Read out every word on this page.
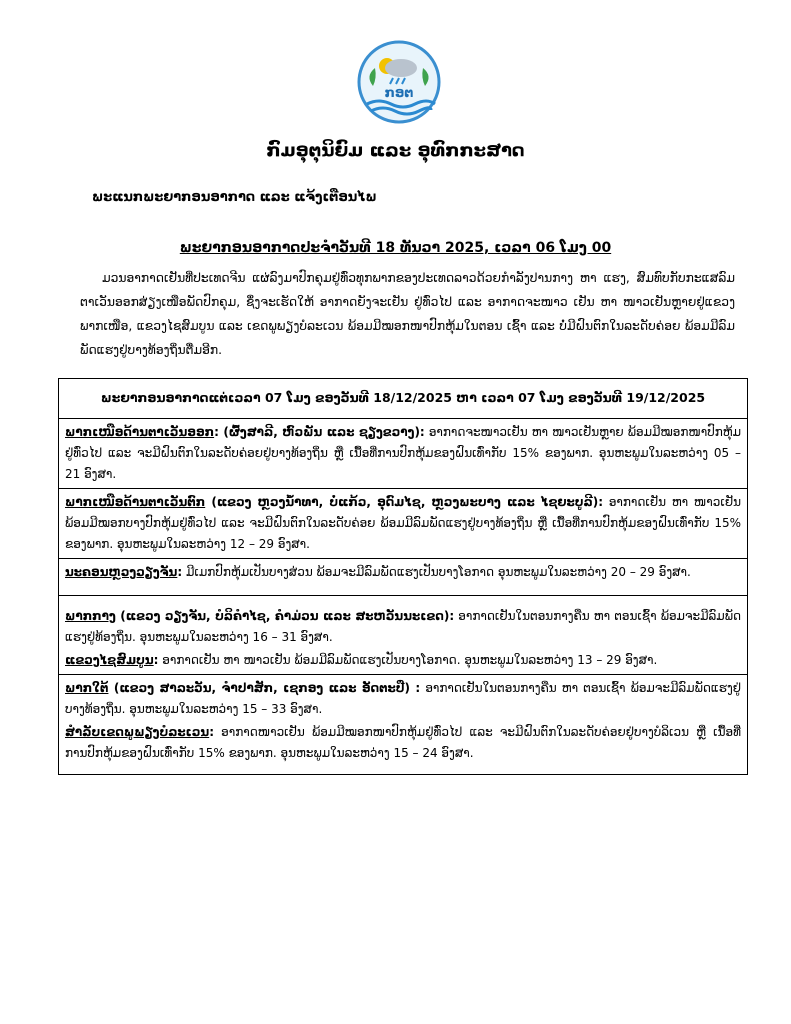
ກອຕ
ກົມອຸຕຸນິຍົມ ແລະ ອຸທົກກະສາດ
ພະແນກພະຍາກອນອາກາດ ແລະ ແຈ້ງເຕືອນໄພ
ພະຍາກອນອາກາດປະຈຳວັນທີ 18 ທັນວາ 2025, ເວລາ 06 ໂມງ 00
ມວນອາກາດເຢັນທີ່ປະເທດຈີນ ແຜ່ລົງມາປົກຄຸມຢູ່ທົ່ວທຸກພາກຂອງປະເທດລາວດ້ວຍກຳລັງປານກາງ ຫາ ແຮງ, ສົມທົບກັບກະແສລົມຕາເວັນອອກສ່ຽງເໜືອພັດປົກຄຸມ, ຊຶ່ງຈະເຮັດໃຫ້ ອາກາດຍັງຈະເຢັນ ຢູ່ທົ່ວໄປ ແລະ ອາກາດຈະໜາວ ເຢັນ ຫາ ໜາວເຢັນຫຼາຍຢູ່ແຂວງພາກເໜືອ, ແຂວງໄຊສົມບູນ ແລະ ເຂດພູພຽງບໍລະເວນ ພ້ອມມີໝອກໜາປົກຫຸ້ມໃນຕອນ ເຊົ້າ ແລະ ບໍ່ມີຝົນຕົກໃນລະດັບຄ່ອຍ ພ້ອມມີລົມພັດແຮງຢູ່ບາງທ້ອງຖິ່ນຕື່ມອີກ.
ພະຍາກອນອາກາດແຕ່ເວລາ 07 ໂມງ ຂອງວັນທີ 18/12/2025 ຫາ ເວລາ 07 ໂມງ ຂອງວັນທີ 19/12/2025
ພາກເໜືອດ້ານຕາເວັນອອກ: (ຜົ້ງສາລີ, ຫົວພັນ ແລະ ຊຽງຂວາງ): ອາກາດຈະໜາວເຢັນ ຫາ ໜາວເຢັນຫຼາຍ ພ້ອມມີໝອກໜາປົກຫຸ້ມຢູ່ທົ່ວໄປ ແລະ ຈະມີຝົນຕົກໃນລະດັບຄ່ອຍຢູ່ບາງທ້ອງຖິ່ນ ຫຼື ເນື້ອທີ່ການປົກຫຸ້ມຂອງຝົນເທົ່າກັບ 15% ຂອງພາກ. ອຸນຫະພູມໃນລະຫວ່າງ 05 – 21 ອົງສາ.
ພາກເໜືອດ້ານຕາເວັນຕົກ (ແຂວງ ຫຼວງນ້ຳທາ, ບໍ່ແກ້ວ, ອຸດົມໄຊ, ຫຼວງພະບາງ ແລະ ໄຊຍະບູລີ): ອາກາດເຢັນ ຫາ ໜາວເຢັນ ພ້ອມມີໝອກບາງປົກຫຸ້ມຢູ່ທົ່ວໄປ ແລະ ຈະມີຝົນຕົກໃນລະດັບຄ່ອຍ ພ້ອມມີລົມພັດແຮງຢູ່ບາງທ້ອງຖິ່ນ ຫຼື ເນື້ອທີ່ການປົກຫຸ້ມຂອງຝົນເທົ່າກັບ 15% ຂອງພາກ. ອຸນຫະພູມໃນລະຫວ່າງ 12 – 29 ອົງສາ.
ນະຄອນຫຼວງວຽງຈັນ: ມີເມກປົກຫຸ້ມເປັນບາງສ່ວນ ພ້ອມຈະມີລົມພັດແຮງເປັນບາງໂອກາດ ອຸນຫະພູມໃນລະຫວ່າງ 20 – 29 ອົງສາ.

ພາກກາງ (ແຂວງ ວຽງຈັນ, ບໍລິຄຳໄຊ, ຄຳມ່ວນ ແລະ ສະຫວັນນະເຂດ): ອາກາດເຢັນໃນຕອນກາງຄືນ ຫາ ຕອນເຊົ້າ ພ້ອມຈະມີລົມພັດແຮງຢູ່ທ້ອງຖິ່ນ. ອຸນຫະພູມໃນລະຫວ່າງ 16 – 31 ອົງສາ.
ແຂວງໄຊສົມບູນ: ອາກາດເຢັນ ຫາ ໜາວເຢັນ ພ້ອມມີລົມພັດແຮງເປັນບາງໂອກາດ. ອຸນຫະພູມໃນລະຫວ່າງ 13 – 29 ອົງສາ.

ພາກໃຕ້ (ແຂວງ ສາລະວັນ, ຈຳປາສັກ, ເຊກອງ ແລະ ອັດຕະປື) : ອາກາດເຢັນໃນຕອນກາງຄືນ ຫາ ຕອນເຊົ້າ ພ້ອມຈະມີລົມພັດແຮງຢູ່ບາງທ້ອງຖິ່ນ. ອຸນຫະພູມໃນລະຫວ່າງ 15 – 33 ອົງສາ.
ສຳລັບເຂດພູພຽງບໍລະເວນ: ອາກາດໜາວເຢັນ ພ້ອມມີໝອກໜາປົກຫຸ້ມຢູ່ທົ່ວໄປ ແລະ ຈະມີຝົນຕົກໃນລະດັບຄ່ອຍຢູ່ບາງບໍລິເວນ ຫຼື ເນື້ອທີ່ການປົກຫຸ້ມຂອງຝົນເທົ່າກັບ 15% ຂອງພາກ. ອຸນຫະພູມໃນລະຫວ່າງ 15 – 24 ອົງສາ.
